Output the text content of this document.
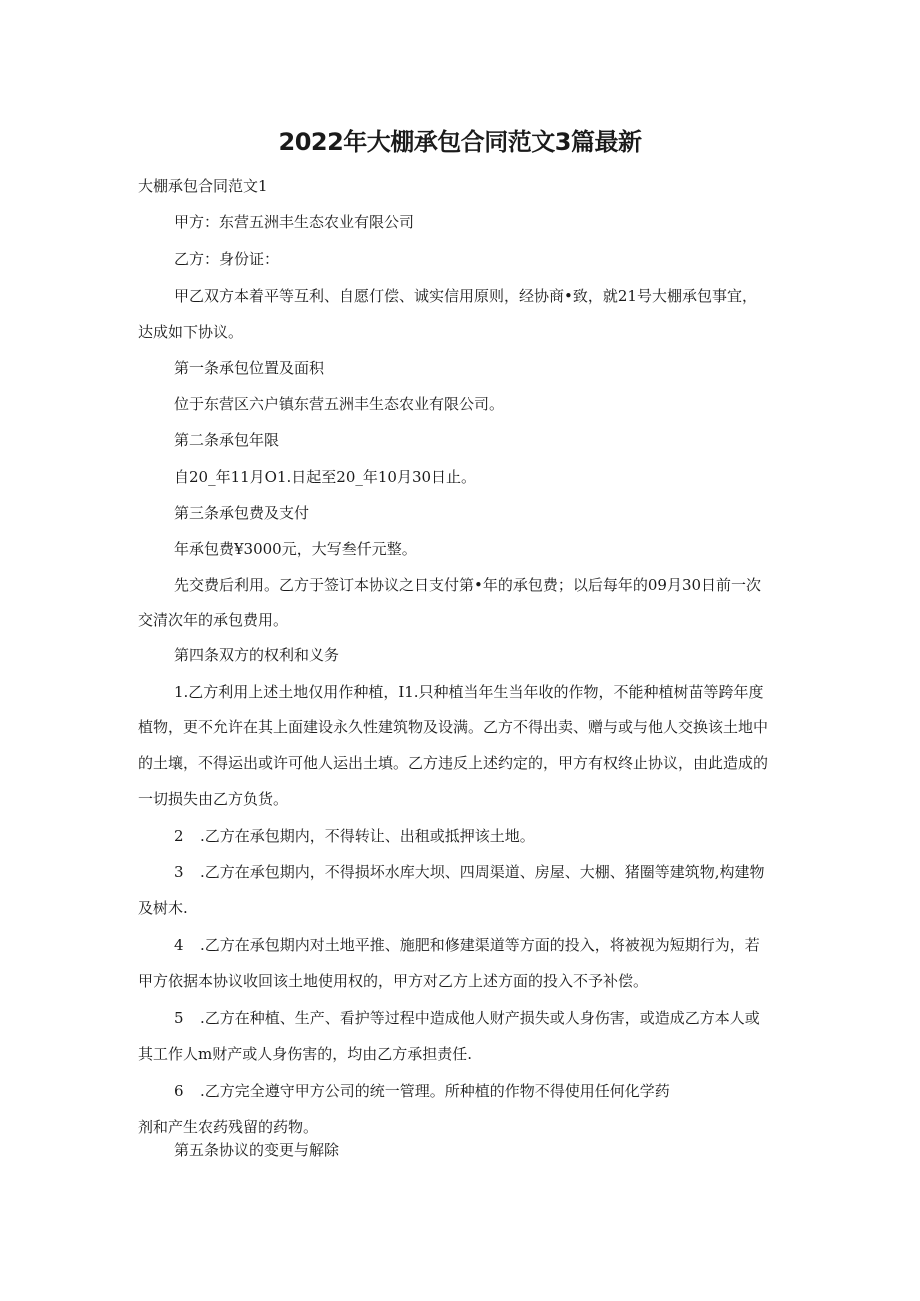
2022年大棚承包合同范文3篇最新

大棚承包合同范文1

甲方：东营五洲丰生态农业有限公司

乙方：身份证：

甲乙双方本着平等互利、自愿仃偿、诚实信用原则，经协商•致，就21号大棚承包事宜，

达成如下协议。

第一条承包位置及面积

位于东营区六户镇东营五洲丰生态农业有限公司。

第二条承包年限

自20_年11月O1.日起至20_年10月30日止。

第三条承包费及支付

年承包费¥3000元，大写叁仟元整。

先交费后利用。乙方于签订本协议之日支付第•年的承包费；以后每年的09月30日前一次

交清次年的承包费用。

第四条双方的权利和义务

1.乙方利用上述土地仅用作种植，I1.只种植当年生当年收的作物，不能种植树苗等跨年度

植物，更不允许在其上面建设永久性建筑物及设满。乙方不得出卖、赠与或与他人交换该土地中

的土壤，不得运出或许可他人运出土填。乙方违反上述约定的，甲方有权终止协议，由此造成的

一切损失由乙方负货。

2 .乙方在承包期内，不得转让、出租或抵押该土地。

3 .乙方在承包期内，不得损坏水库大坝、四周渠道、房屋、大棚、猪圈等建筑物,构建物

及树木.

4 .乙方在承包期内对土地平推、施肥和修建渠道等方面的投入，将被视为短期行为，若

甲方依据本协议收回该土地使用权的，甲方对乙方上述方面的投入不予补偿。

5 .乙方在种植、生产、看护等过程中造成他人财产损失或人身伤害，或造成乙方本人或

其工作人m财产或人身伤害的，均由乙方承担责任.

6 .乙方完全遵守甲方公司的统一管理。所种植的作物不得使用任何化学药

剂和产生农药残留的药物。

第五条协议的变更与解除
